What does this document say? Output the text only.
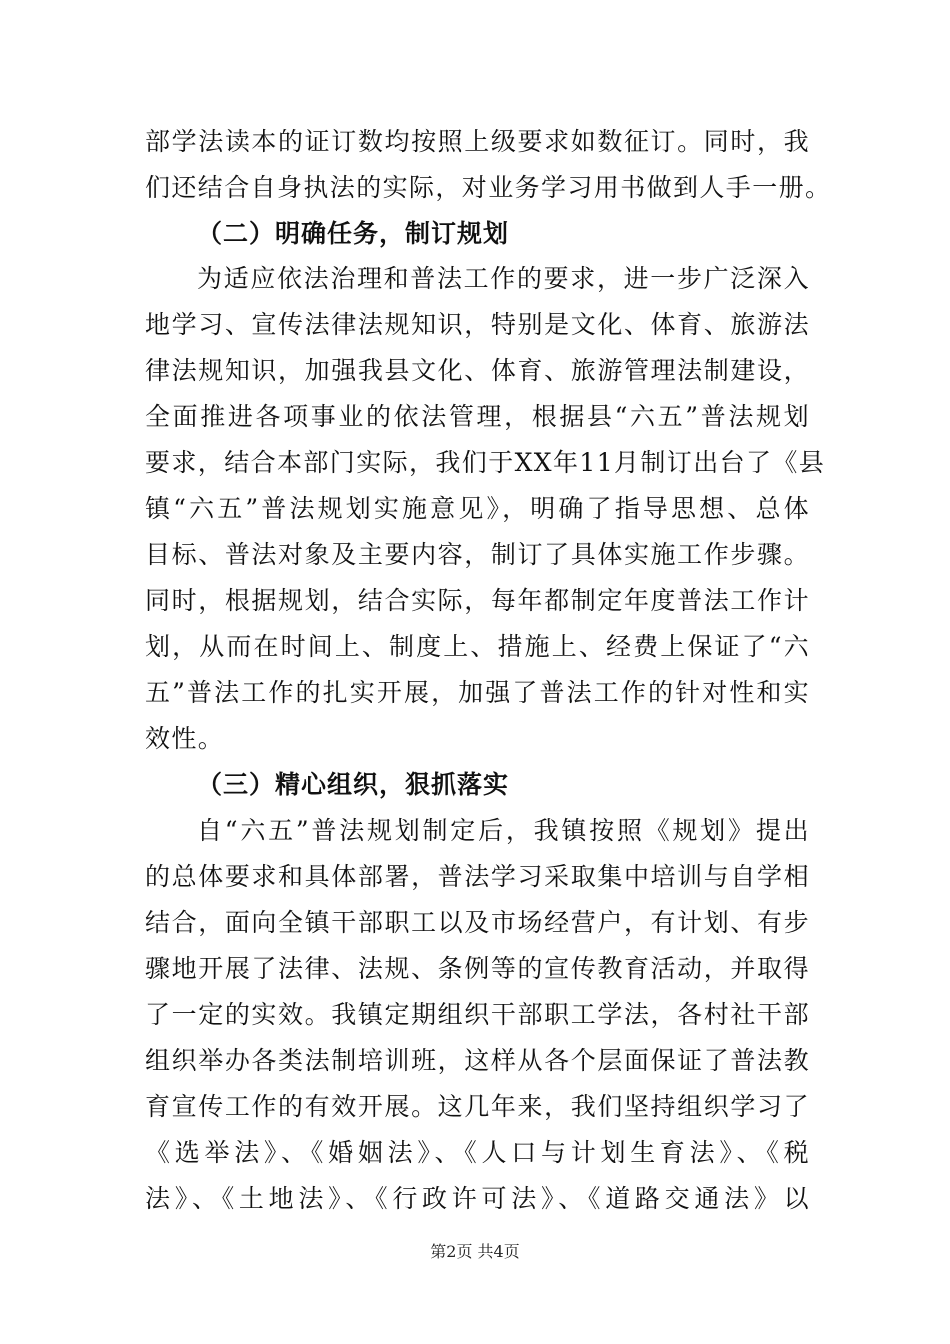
部学法读本的证订数均按照上级要求如数征订。同时，我
们还结合自身执法的实际，对业务学习用书做到人手一册。
（二）明确任务，制订规划
为适应依法治理和普法工作的要求，进一步广泛深入
地学习、宣传法律法规知识，特别是文化、体育、旅游法
律法规知识，加强我县文化、体育、旅游管理法制建设，
全面推进各项事业的依法管理，根据县“六五”普法规划
要求，结合本部门实际，我们于XX年11月制订出台了《县
镇“六五”普法规划实施意见》，明确了指导思想、总体
目标、普法对象及主要内容，制订了具体实施工作步骤。
同时，根据规划，结合实际，每年都制定年度普法工作计
划，从而在时间上、制度上、措施上、经费上保证了“六
五”普法工作的扎实开展，加强了普法工作的针对性和实
效性。
（三）精心组织，狠抓落实
自“六五”普法规划制定后，我镇按照《规划》提出
的总体要求和具体部署，普法学习采取集中培训与自学相
结合，面向全镇干部职工以及市场经营户，有计划、有步
骤地开展了法律、法规、条例等的宣传教育活动，并取得
了一定的实效。我镇定期组织干部职工学法，各村社干部
组织举办各类法制培训班，这样从各个层面保证了普法教
育宣传工作的有效开展。这几年来，我们坚持组织学习了
《选举法》、《婚姻法》、《人口与计划生育法》、《税
法》、《土地法》、《行政许可法》、《道路交通法》以
第2页 共4页
